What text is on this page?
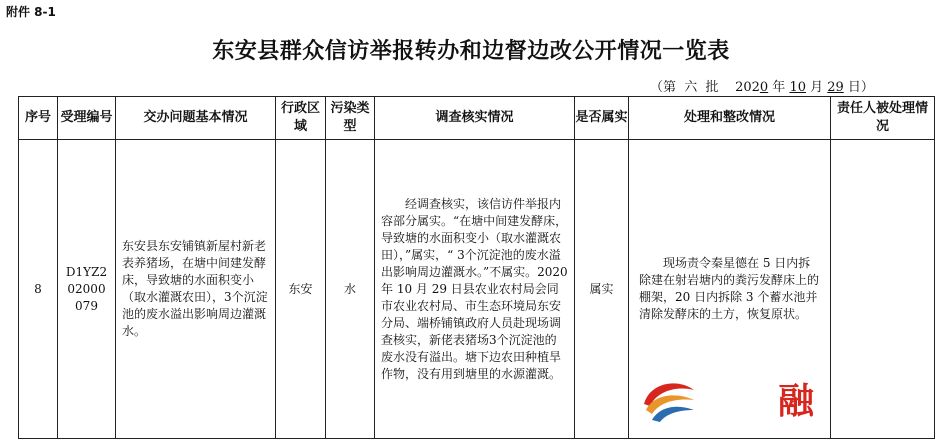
附件 8-1
东安县群众信访举报转办和边督边改公开情况一览表
（第  六  批    2020 年 10 月 29 日）
序号	受理编号	交办问题基本情况	行政区域	污染类型	调查核实情况	是否属实	处理和整改情况	责任人被处理情况
8	D1YZ202000079	东安县东安铺镇新屋村新老表养猪场，在塘中间建发酵床，导致塘的水面积变小（取水灌溉农田），3个沉淀池的废水溢出影响周边灌溉水。	东安	水	经调查核实，该信访件举报内容部分属实。“在塘中间建发酵床，导致塘的水面积变小（取水灌溉农田），”属实，“ 3个沉淀池的废水溢出影响周边灌溉水。”不属实。2020 年 10 月 29 日县农业农村局会同市农业农村局、市生态环境局东安分局、端桥铺镇政府人员赴现场调查核实，新佬表猪场3个沉淀池的废水没有溢出。塘下边农田种植旱作物，没有用到塘里的水源灌溉。	属实	现场责令秦星德在 5 日内拆除建在射岩塘内的粪污发酵床上的棚架，20 日内拆除 3 个蓄水池并清除发酵床的土方，恢复原状。	

融
